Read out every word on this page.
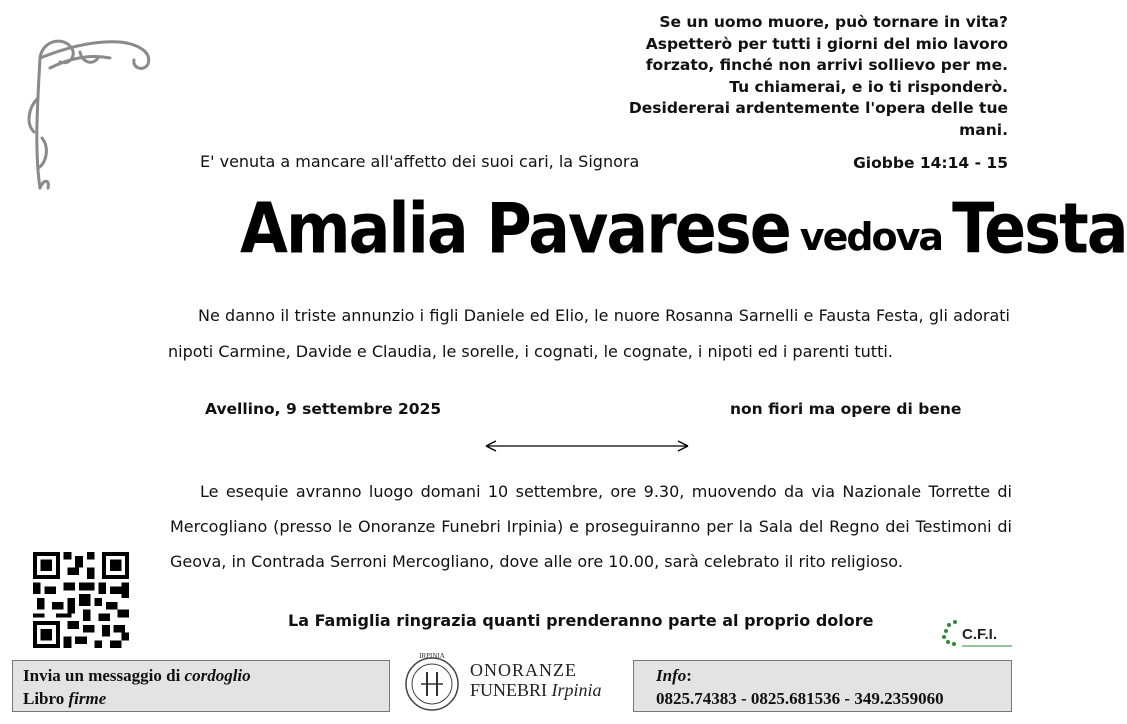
Se un uomo muore, può tornare in vita?
Aspetterò per tutti i giorni del mio lavoro
forzato, finché non arrivi sollievo per me.
Tu chiamerai, e io ti risponderò.
Desidererai ardentemente l'opera delle tue
mani.
Giobbe 14:14 - 15
E' venuta a mancare all'affetto dei suoi cari, la Signora
Amalia Pavarese vedova Testa
Ne danno il triste annunzio i figli Daniele ed Elio, le nuore Rosanna Sarnelli e Fausta Festa, gli adorati nipoti Carmine, Davide e Claudia, le sorelle, i cognati, le cognate, i nipoti ed i parenti tutti.
Avellino, 9 settembre 2025	non fiori ma opere di bene
Le esequie avranno luogo domani 10 settembre, ore 9.30, muovendo da via Nazionale Torrette di Mercogliano (presso le Onoranze Funebri Irpinia) e proseguiranno per la Sala del Regno dei Testimoni di Geova, in Contrada Serroni Mercogliano, dove alle ore 10.00, sarà celebrato il rito religioso.
La Famiglia ringrazia quanti prenderanno parte al proprio dolore
C.F.I.
Invia un messaggio di cordoglio
Libro firme
IRPINIA
ONORANZE
FUNEBRI Irpinia
Info:
0825.74383 - 0825.681536 - 349.2359060
